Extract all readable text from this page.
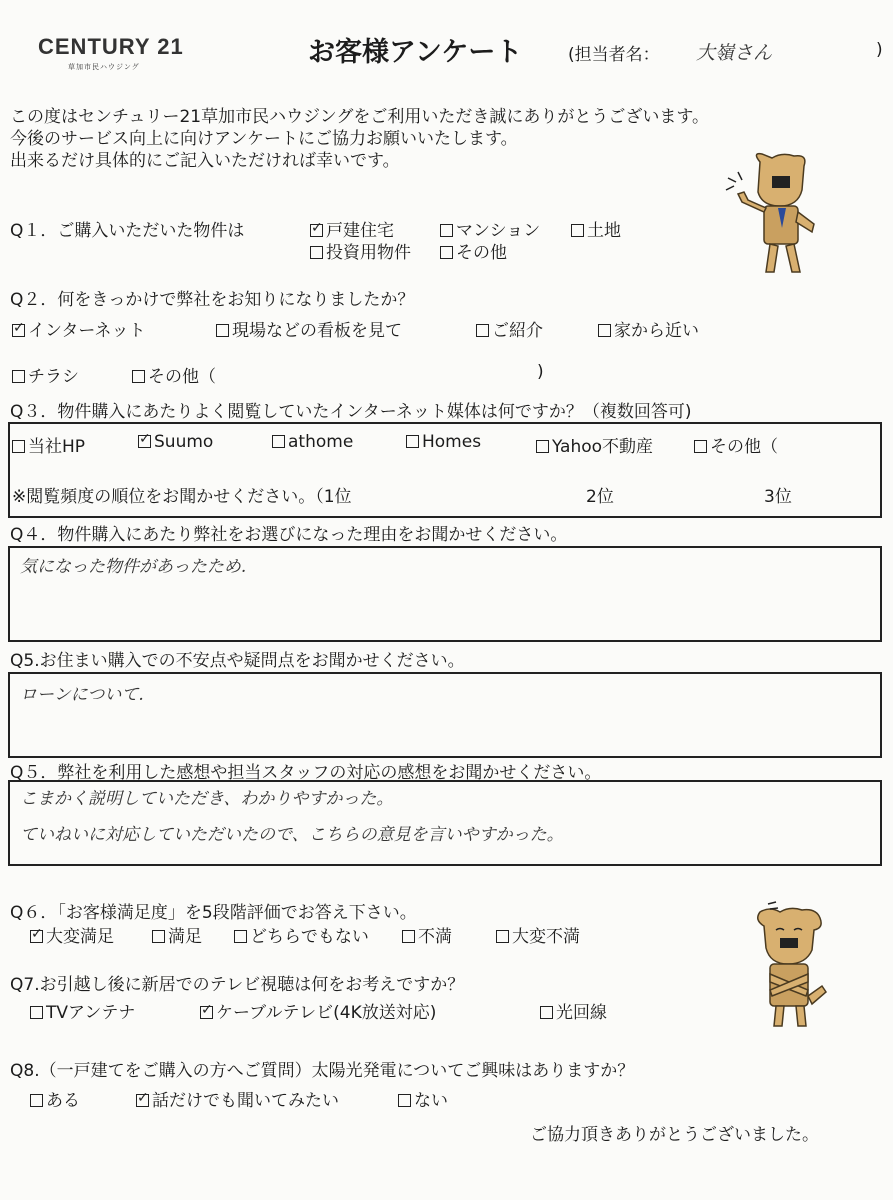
CENTURY 21
草加市民ハウジング	お客様アンケート	(担当者名： 大嶺さん	)
この度はセンチュリー21草加市民ハウジングをご利用いただき誠にありがとうございます。
今後のサービス向上に向けアンケートにご協力お願いいたします。
出来るだけ具体的にご記入いただければ幸いです。
Q１．ご購入いただいた物件は ✓	戸建住宅	マンション	土地
投資用物件	その他
Q２．何をきっかけで弊社をお知りになりましたか？
✓インターネット	現場などの看板を見て	ご紹介	家から近い
チラシ	その他（	)
Q３．物件購入にあたりよく閲覧していたインターネット媒体は何ですか？（複数回答可)
当社HP ✓	Suumo	athome	Homes	Yahoo不動産	その他（
※閲覧頻度の順位をお聞かせください。（1位	2位	3位
Q４．物件購入にあたり弊社をお選びになった理由をお聞かせください。
気になった物件があったため.
Q5.お住まい購入での不安点や疑問点をお聞かせください。
ローンについて.
Q５．弊社を利用した感想や担当スタッフの対応の感想をお聞かせください。
こまかく説明していただき、わかりやすかった。
ていねいに対応していただいたので、こちらの意見を言いやすかった。
Q６．「お客様満足度」を5段階評価でお答え下さい。
✓大変満足	満足	どちらでもない	不満	大変不満
Q7.お引越し後に新居でのテレビ視聴は何をお考えですか？
TVアンテナ ✓	ケーブルテレビ(4K放送対応)	光回線
Q8.（一戸建てをご購入の方へご質問）太陽光発電についてご興味はありますか？
ある ✓	話だけでも聞いてみたい	ない
ご協力頂きありがとうございました。
